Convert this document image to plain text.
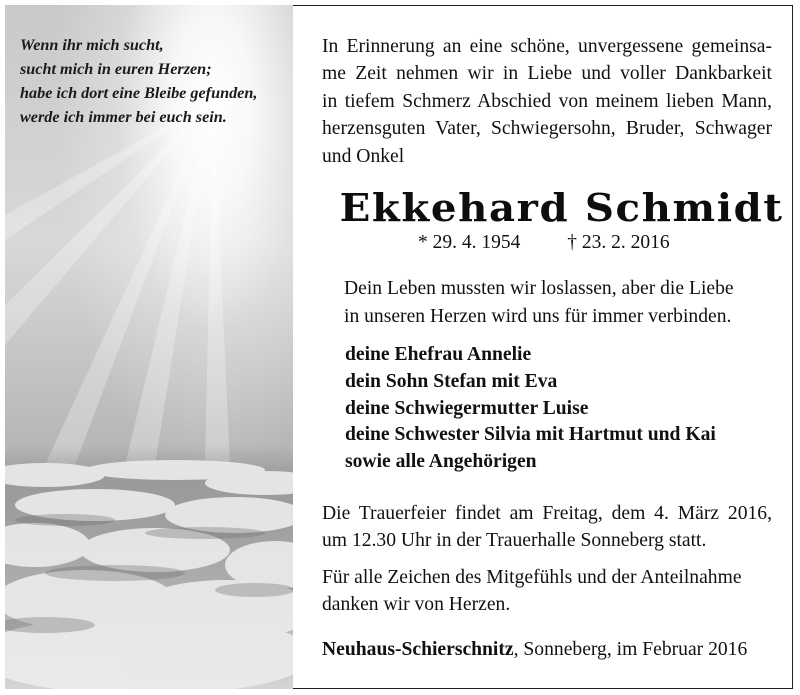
Wenn ihr mich sucht,
sucht mich in euren Herzen;
habe ich dort eine Bleibe gefunden,
werde ich immer bei euch sein.
In Erinnerung an eine schöne, unvergessene gemeinsa-
me Zeit nehmen wir in Liebe und voller Dankbarkeit
in tiefem Schmerz Abschied von meinem lieben Mann,
herzensguten Vater, Schwiegersohn, Bruder, Schwager
und Onkel
Ekkehard Schmidt
* 29. 4. 1954 † 23. 2. 2016
Dein Leben mussten wir loslassen, aber die Liebe
in unseren Herzen wird uns für immer verbinden.
deine Ehefrau Annelie
dein Sohn Stefan mit Eva
deine Schwiegermutter Luise
deine Schwester Silvia mit Hartmut und Kai
sowie alle Angehörigen
Die Trauerfeier findet am Freitag, dem 4. März 2016,
um 12.30 Uhr in der Trauerhalle Sonneberg statt.
Für alle Zeichen des Mitgefühls und der Anteilnahme
danken wir von Herzen.
Neuhaus-Schierschnitz, Sonneberg, im Februar 2016
